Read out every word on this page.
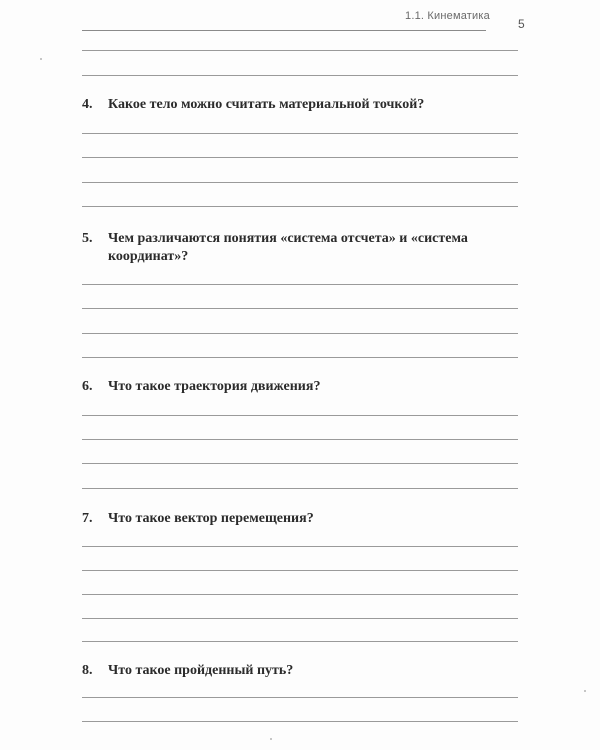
1.1. Кинематика
5
4. Какое тело можно считать материальной точкой?
5. Чем различаются понятия «система отсчета» и «система
координат»?
6. Что такое траектория движения?
7. Что такое вектор перемещения?
8. Что такое пройденный путь?
